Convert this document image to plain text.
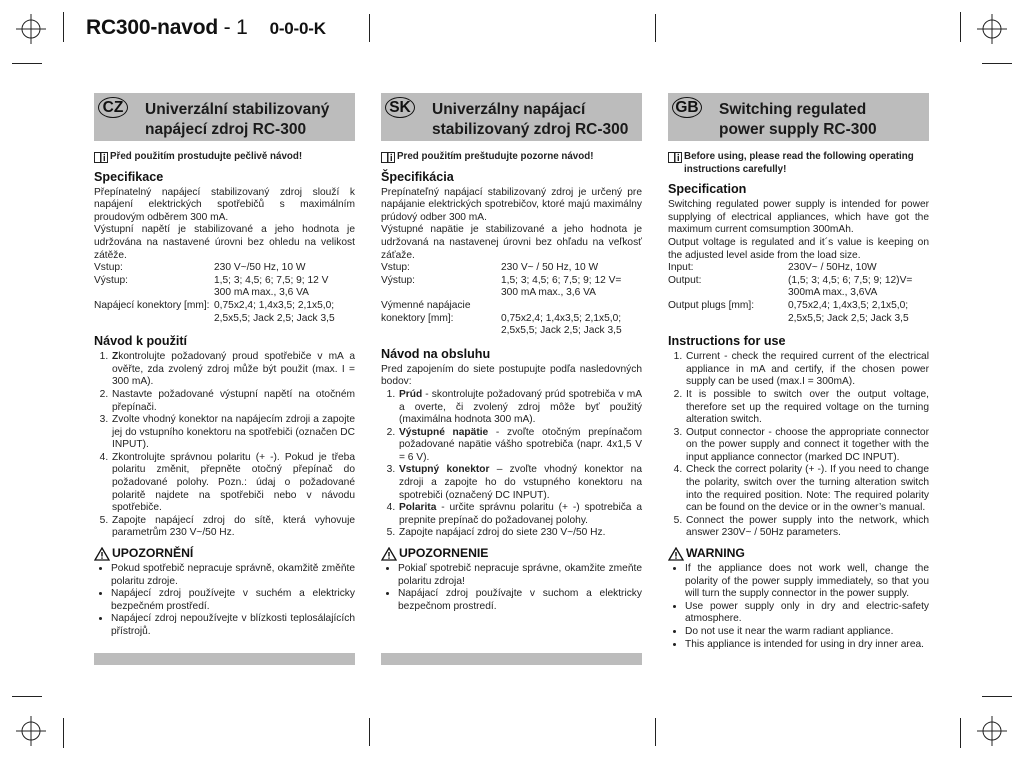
RC300-navod - 1 0-0-0-K
CZ	Univerzální stabilizovaný
napájecí zdroj RC-300
Před použitím prostudujte pečlivě návod!
Specifikace

Přepínatelný napájecí stabilizovaný zdroj slouží k napájení elektrických spotřebičů s maximálním proudovým odběrem 300 mA.

Výstupní napětí je stabilizované a jeho hodnota je udržována na nastavené úrovni bez ohledu na velikost zátěže.

Vstup:	230 V~/50 Hz, 10 W
Výstup:	1,5; 3; 4,5; 6; 7,5; 9; 12 V
300 mA max., 3,6 VA
Napájecí konektory [mm]: 0,75x2,4; 1,4x3,5; 2,1x5,0; 2,5x5,5; Jack 2,5; Jack 3,5
Návod k použití
1. Zkontrolujte požadovaný proud spotřebiče v mA a ověřte, zda zvolený zdroj může být použit (max. I = 300 mA).
2. Nastavte požadované výstupní napětí na otočném přepínači.
3. Zvolte vhodný konektor na napájecím zdroji a zapojte jej do vstupního konektoru na spotřebiči (označen DC INPUT).
4. Zkontrolujte správnou polaritu (+ -). Pokud je třeba polaritu změnit, přepněte otočný přepínač do požadované polohy. Pozn.: údaj o požadované polaritě najdete na spotřebiči nebo v návodu spotřebiče.
5. Zapojte napájecí zdroj do sítě, která vyhovuje parametrům 230 V~/50 Hz.
UPOZORNĚNÍ
• Pokud spotřebič nepracuje správně, okamžitě změňte polaritu zdroje.
• Napájecí zdroj používejte v suchém a elektricky bezpečném prostředí.
• Napájecí zdroj nepoužívejte v blízkosti teplosálajících přístrojů.
SK Univerzálny napájací
stabilizovaný zdroj RC-300
Pred použitím preštudujte pozorne návod!
Špecifikácia

Prepínateľný napájací stabilizovaný zdroj je určený pre napájanie elektrických spotrebičov, ktoré majú maximálny prúdový odber 300 mA.

Výstupné napätie je stabilizované a jeho hodnota je udržovaná na nastavenej úrovni bez ohľadu na veľkosť záťaže.

Vstup:	230 V~ / 50 Hz, 10 W
Výstup:	1,5; 3; 4,5; 6; 7,5; 9; 12 V=
300 mA max., 3,6 VA
Výmenné napájacie
konektory [mm]:	0,75x2,4; 1,4x3,5; 2,1x5,0; 2,5x5,5; Jack 2,5; Jack 3,5
Návod na obsluhu

Pred zapojením do siete postupujte podľa nasledovných bodov:

1. Prúd - skontrolujte požadovaný prúd spotrebiča v mA a overte, či zvolený zdroj môže byť použitý (maximálna hodnota 300 mA).
2. Výstupné napätie - zvoľte otočným prepínačom požadované napätie vášho spotrebiča (napr. 4x1,5 V = 6 V).
3. Vstupný konektor – zvoľte vhodný konektor na zdroji a zapojte ho do vstupného konektoru na spotrebiči (označený DC INPUT).
4. Polarita - určite správnu polaritu (+ -) spotrebiča a prepnite prepínač do požadovanej polohy.
5. Zapojte napájací zdroj do siete 230 V~/50 Hz.
UPOZORNENIE
• Pokiaľ spotrebič nepracuje správne, okamžite zmeňte polaritu zdroja!
• Napájací zdroj používajte v suchom a elektricky bezpečnom prostredí.
GB Switching regulated
power supply RC-300
Before using, please read the following operating instructions carefully!
Specification

Switching regulated power supply is intended for power supplying of electrical appliances, which have got the maximum current comsumption 300mAh.

Output voltage is regulated and it´s value is keeping on the adjusted level aside from the load size.

Input:	230V~ / 50Hz, 10W
Output:	(1,5; 3; 4,5; 6; 7,5; 9; 12)V=
300mA max., 3,6VA
Output plugs [mm]:	0,75x2,4; 1,4x3,5; 2,1x5,0; 2,5x5,5; Jack 2,5; Jack 3,5
Instructions for use
1. Current - check the required current of the electrical appliance in mA and certify, if the chosen power supply can be used (max.I = 300mA).
2. It is possible to switch over the output voltage, therefore set up the required voltage on the turning alteration switch.
3. Output connector - choose the appropriate connector on the power supply and connect it together with the input appliance connector (marked DC INPUT).
4. Check the correct polarity (+ -). If you need to change the polarity, switch over the turning alteration switch into the required position. Note: The required polarity can be found on the device or in the owner’s manual.
5. Connect the power supply into the network, which answer 230V~ / 50Hz parameters.
WARNING
• If the appliance does not work well, change the polarity of the power supply immediately, so that you will turn the supply connector in the power supply.
• Use power supply only in dry and electric-safety atmosphere.
• Do not use it near the warm radiant appliance.
• This appliance is intended for using in dry inner area.
